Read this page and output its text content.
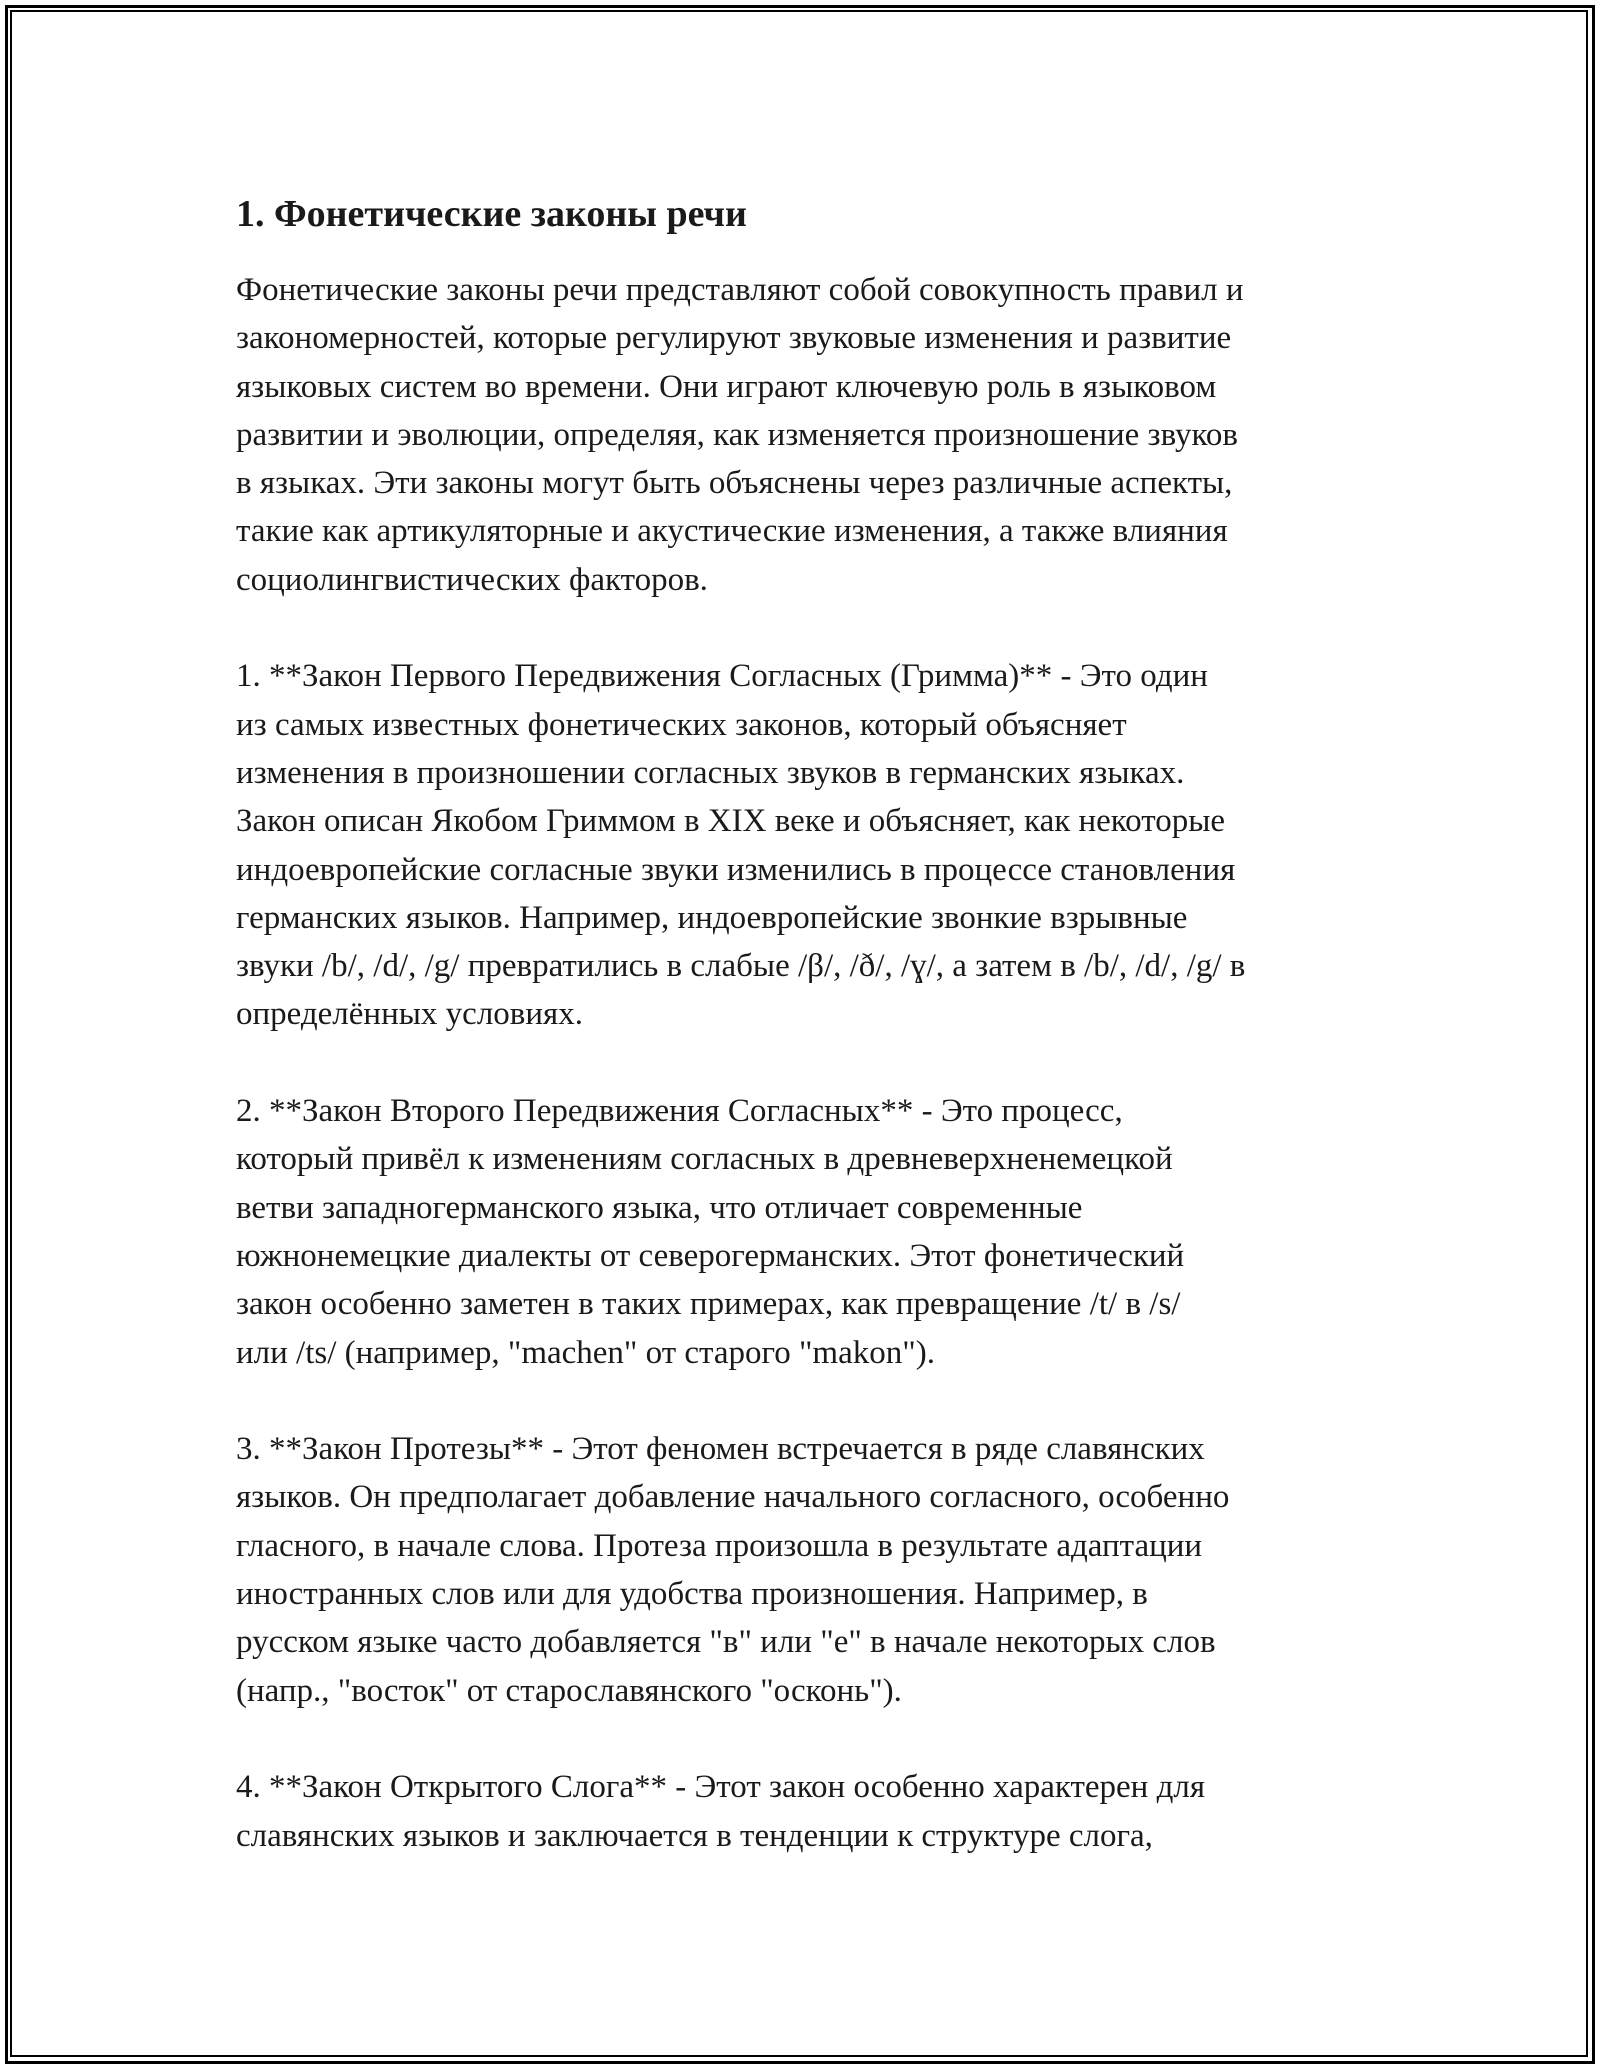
1. Фонетические законы речи

Фонетические законы речи представляют собой совокупность правил и
закономерностей, которые регулируют звуковые изменения и развитие
языковых систем во времени. Они играют ключевую роль в языковом
развитии и эволюции, определяя, как изменяется произношение звуков
в языках. Эти законы могут быть объяснены через различные аспекты,
такие как артикуляторные и акустические изменения, а также влияния
социолингвистических факторов.

1. **Закон Первого Передвижения Согласных (Гримма)** - Это один
из самых известных фонетических законов, который объясняет
изменения в произношении согласных звуков в германских языках.
Закон описан Якобом Гриммом в XIX веке и объясняет, как некоторые
индоевропейские согласные звуки изменились в процессе становления
германских языков. Например, индоевропейские звонкие взрывные
звуки /b/, /d/, /g/ превратились в слабые /β/, /ð/, /ɣ/, а затем в /b/, /d/, /g/ в
определённых условиях.

2. **Закон Второго Передвижения Согласных** - Это процесс,
который привёл к изменениям согласных в древневерхненемецкой
ветви западногерманского языка, что отличает современные
южнонемецкие диалекты от северогерманских. Этот фонетический
закон особенно заметен в таких примерах, как превращение /t/ в /s/
или /ts/ (например, "machen" от старого "makon").

3. **Закон Протезы** - Этот феномен встречается в ряде славянских
языков. Он предполагает добавление начального согласного, особенно
гласного, в начале слова. Протеза произошла в результате адаптации
иностранных слов или для удобства произношения. Например, в
русском языке часто добавляется "в" или "е" в начале некоторых слов
(напр., "восток" от старославянского "осконь").

4. **Закон Открытого Слога** - Этот закон особенно характерен для
славянских языков и заключается в тенденции к структуре слога,
